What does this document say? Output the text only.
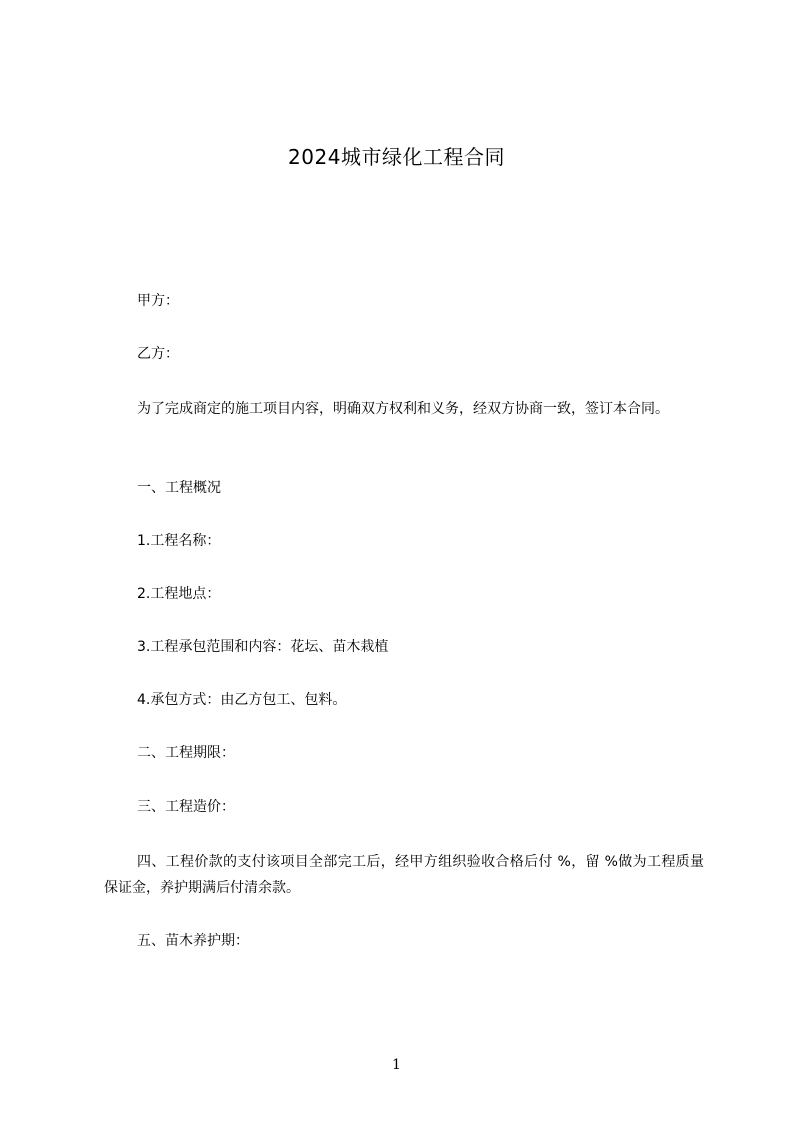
2024城市绿化工程合同

甲方：

乙方：

为了完成商定的施工项目内容，明确双方权利和义务，经双方协商一致，签订本合同。

一、工程概况

1.工程名称：

2.工程地点：

3.工程承包范围和内容：花坛、苗木栽植

4.承包方式：由乙方包工、包料。

二、工程期限：

三、工程造价：

四、工程价款的支付该项目全部完工后，经甲方组织验收合格后付 %，留 %做为工程质量保证金，养护期满后付清余款。

五、苗木养护期：

1
